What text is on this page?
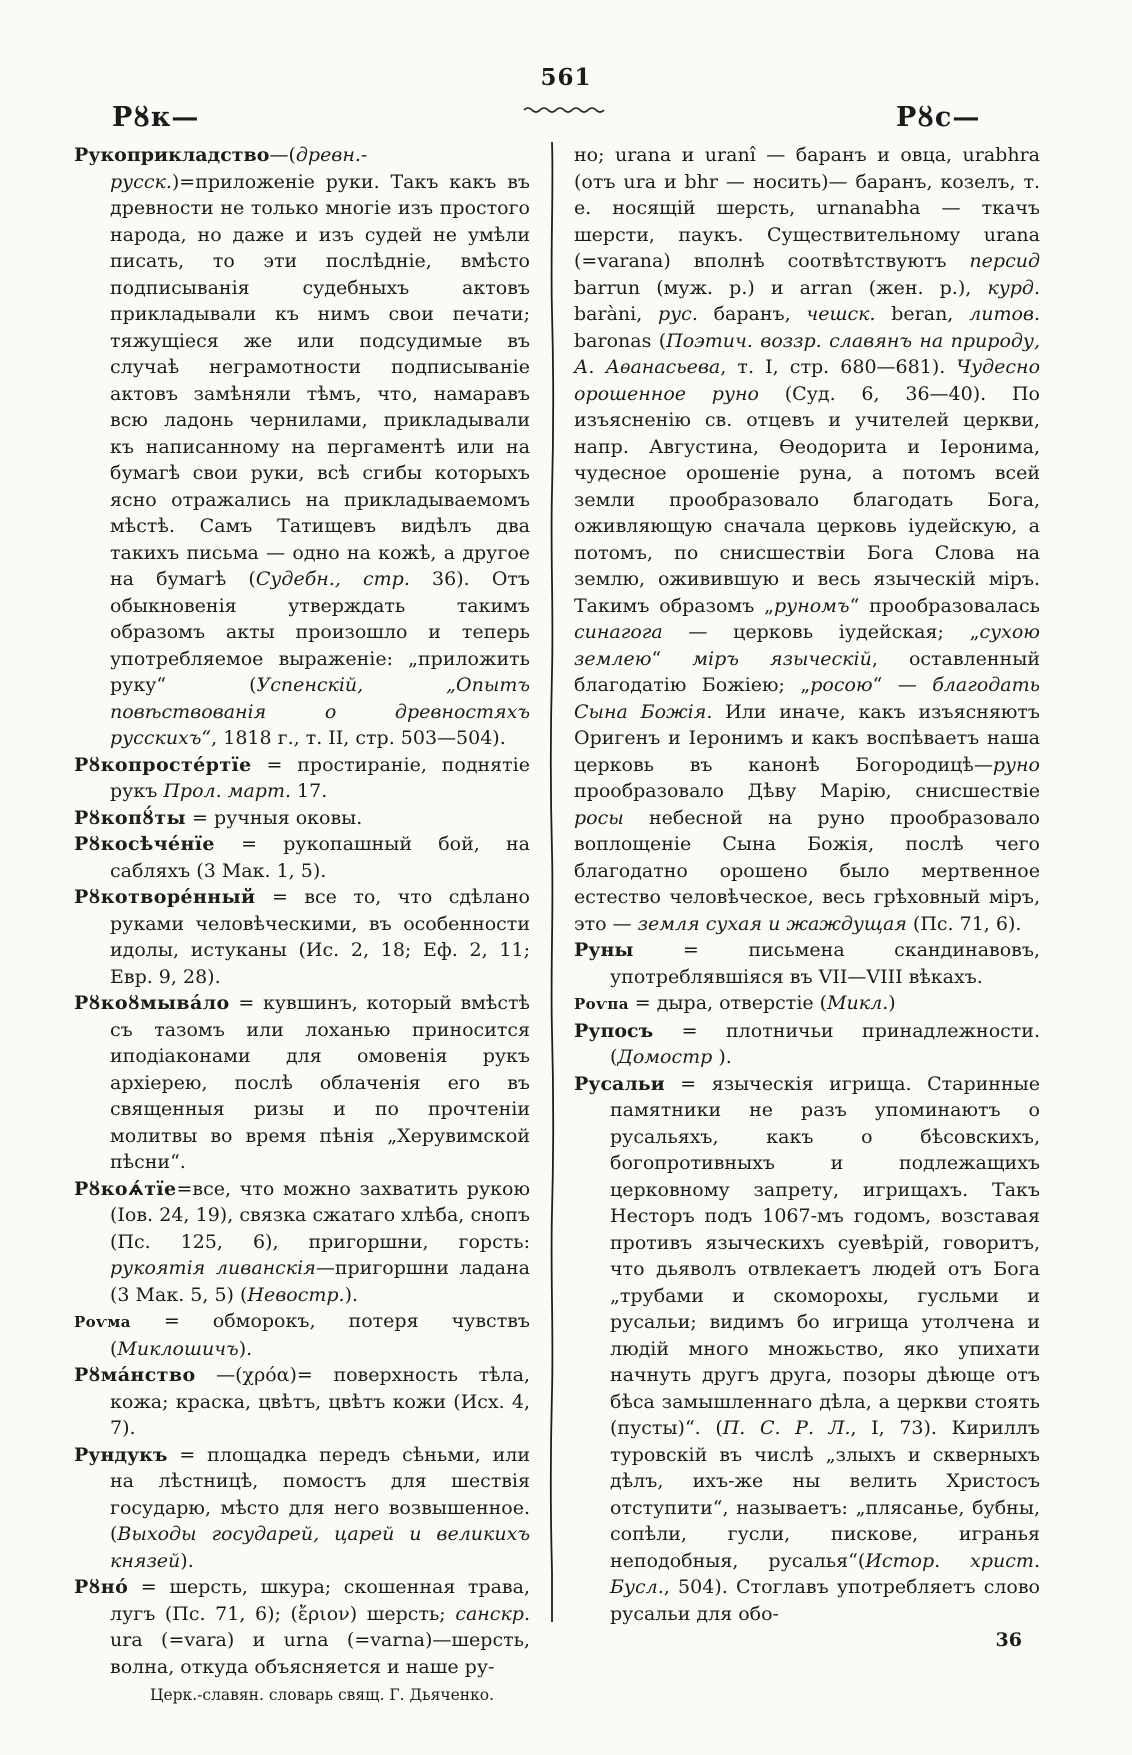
561
Рȣк—	Рȣс—

Рукоприкладство—(древн.-русск.)=приложеніе руки. Такъ какъ въ древности не только многіе изъ простого народа, но даже и изъ судей не умѣли писать, то эти послѣдніе, вмѣсто подписыванія судебныхъ актовъ прикладывали къ нимъ свои печати; тяжущіеся же или подсудимые въ случаѣ неграмотности подписываніе актовъ замѣняли тѣмъ, что, намаравъ всю ладонь чернилами, прикладывали къ написанному на пергаментѣ или на бумагѣ свои руки, всѣ сгибы которыхъ ясно отражались на прикладываемомъ мѣстѣ. Самъ Татищевъ видѣлъ два такихъ письма — одно на кожѣ, а другое на бумагѣ (Судебн., стр. 36). Отъ обыкновенія утверждать такимъ образомъ акты произошло и теперь употребляемое выраженіе: „приложить руку“ (Успенскій, „Опытъ повѣствованія о древностяхъ русскихъ“, 1818 г., т. II, стр. 503—504).

Рȣкопросте́ртїе = простираніе, поднятіе рукъ Прол. март. 17.

Рȣкопȣ́ты = ручныя оковы.

Рȣкосѣче́нїе = рукопашный бой, на сабляхъ (3 Мак. 1, 5).

Рȣкотворе́нный = все то, что сдѣлано руками человѣческими, въ особенности идолы, истуканы (Ис. 2, 18; Еф. 2, 11; Евр. 9, 28).

Рȣкоȣмыва́ло = кувшинъ, который вмѣстѣ съ тазомъ или лоханью приносится иподіаконами для омовенія рукъ архіерею, послѣ облаченія его въ священныя ризы и по прочтеніи молитвы во время пѣнія „Херувимской пѣсни“.

Рȣкоѧ́тїе=все, что можно захватить рукою (Іов. 24, 19), связка сжатаго хлѣба, снопъ (Пс. 125, 6), пригоршни, горсть: рукоятія ливанскія—пригоршни ладана (3 Мак. 5, 5) (Невостр.).

Роѵма = обморокъ, потеря чувствъ (Миклошичъ).

Рȣма́нство —(χρόα)= поверхность тѣла, кожа; краска, цвѣтъ, цвѣтъ кожи (Исх. 4, 7).

Рундукъ = площадка передъ сѣньми, или на лѣстницѣ, помостъ для шествія государю, мѣсто для него возвышенное. (Выходы государей, царей и великихъ князей).

Рȣно́ = шерсть, шкура; скошенная трава, лугъ (Пс. 71, 6); (ἔριον) шерсть; санскр. ura (=vara) и urna (=varna)—шерсть, волна, откуда объясняется и наше ру-

Церк.-славян. словарь свящ. Г. Дьяченко.

но; urana и uranî — баранъ и овца, urabhra (отъ ura и bhr — носить)— баранъ, козелъ, т. е. носящій шерсть, urnanabha — ткачъ шерсти, паукъ. Существительному urana (=varana) вполнѣ соотвѣтствуютъ персид barrun (муж. р.) и arran (жен. р.), курд. baràni, рус. баранъ, чешск. beran, литов. baronas (Поэтич. воззр. славянъ на природу, А. Аѳанасьева, т. I, стр. 680—681). Чудесно орошенное руно (Суд. 6, 36—40). По изъясненію св. отцевъ и учителей церкви, напр. Августина, Ѳеодорита и Іеронима, чудесное орошеніе руна, а потомъ всей земли прообразовало благодать Бога, оживляющую сначала церковь іудейскую, а потомъ, по снисшествіи Бога Слова на землю, оживившую и весь языческій міръ. Такимъ образомъ „руномъ“ прообразовалась синагога — церковь іудейская; „сухою землею“ міръ языческій, оставленный благодатію Божіею; „росою“ — благодать Сына Божія. Или иначе, какъ изъясняютъ Оригенъ и Іеронимъ и какъ воспѣваетъ наша церковь въ канонѣ Богородицѣ—руно прообразовало Дѣву Марію, снисшествіе росы небесной на руно прообразовало воплощеніе Сына Божія, послѣ чего благодатно орошено было мертвенное естество человѣческое, весь грѣховный міръ, это — земля сухая и жаждущая (Пс. 71, 6).

Руны = письмена скандинавовъ, употреблявшіяся въ VII—VIII вѣкахъ.

Роѵпа = дыра, отверстіе (Микл.)

Рупосъ = плотничьи принадлежности. (Домостр ).

Русальи = языческія игрища. Старинные памятники не разъ упоминаютъ о русальяхъ, какъ о бѣсовскихъ, богопротивныхъ и подлежащихъ церковному запрету, игрищахъ. Такъ Несторъ подъ 1067-мъ годомъ, возставая противъ языческихъ суевѣрій, говоритъ, что дьяволъ отвлекаетъ людей отъ Бога „трубами и скоморохы, гусльми и русальи; видимъ бо игрища утолчена и людій много множьство, яко упихати начнуть другъ друга, позоры дѣюще отъ бѣса замышленнаго дѣла, а церкви стоять (пусты)“. (П. С. Р. Л., I, 73). Кириллъ туровскій въ числѣ „злыхъ и скверныхъ дѣлъ, ихъ-же ны велить Христосъ отступити“, называетъ: „плясанье, бубны, сопѣли, гусли, пискове, игранья неподобныя, русалья“(Истор. христ. Бусл., 504). Стоглавъ употребляетъ слово русальи для обо-

36
